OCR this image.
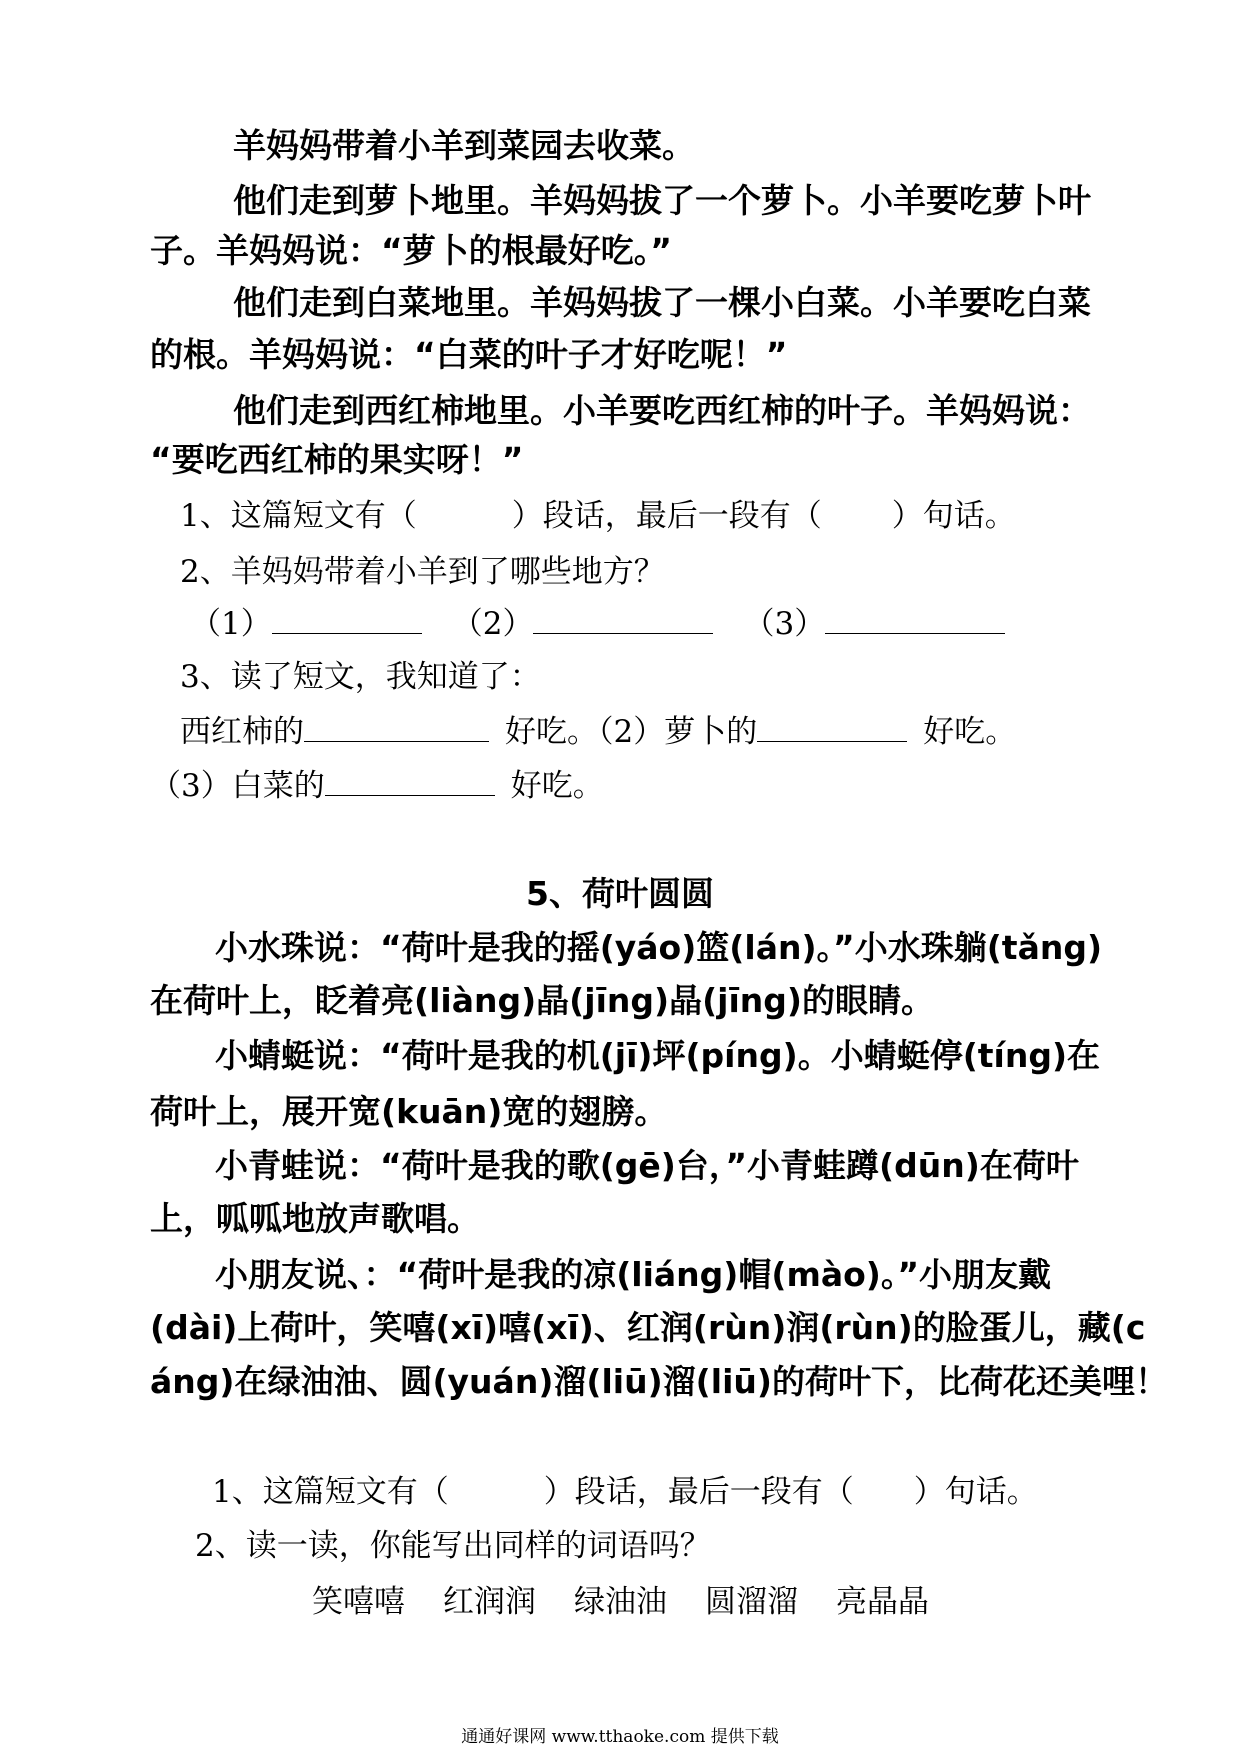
羊妈妈带着小羊到菜园去收菜。
他们走到萝卜地里。羊妈妈拔了一个萝卜。小羊要吃萝卜叶
子。羊妈妈说：“萝卜的根最好吃。”
他们走到白菜地里。羊妈妈拔了一棵小白菜。小羊要吃白菜
的根。羊妈妈说：“白菜的叶子才好吃呢！”
他们走到西红柿地里。小羊要吃西红柿的叶子。羊妈妈说：
“要吃西红柿的果实呀！”
1、这篇短文有（	）段话，最后一段有（ ）句话。
2、羊妈妈带着小羊到了哪些地方？
（1）	（2）	（3）
3、读了短文，我知道了：
西红柿的	好吃。（2）萝卜的	好吃。
（3）白菜的	好吃。
5、荷叶圆圆
小水珠说：“荷叶是我的摇(yáo)篮(lán)。”小水珠躺(tǎng)
在荷叶上，眨着亮(liàng)晶(jīng)晶(jīng)的眼睛。
小蜻蜓说：“荷叶是我的机(jī)坪(píng)。小蜻蜓停(tíng)在
荷叶上，展开宽(kuān)宽的翅膀。
小青蛙说：“荷叶是我的歌(gē)台，”小青蛙蹲(dūn)在荷叶
上，呱呱地放声歌唱。
小朋友说、：“荷叶是我的凉(liáng)帽(mào)。”小朋友戴
(dài)上荷叶，笑嘻(xī)嘻(xī)、红润(rùn)润(rùn)的脸蛋儿，藏(c
áng)在绿油油、圆(yuán)溜(liū)溜(liū)的荷叶下，比荷花还美哩！
1、这篇短文有（	）段话，最后一段有（ ）句话。
2、读一读，你能写出同样的词语吗？
笑嘻嘻 红润润 绿油油 圆溜溜 亮晶晶
通通好课网 www.tthaoke.com 提供下载
